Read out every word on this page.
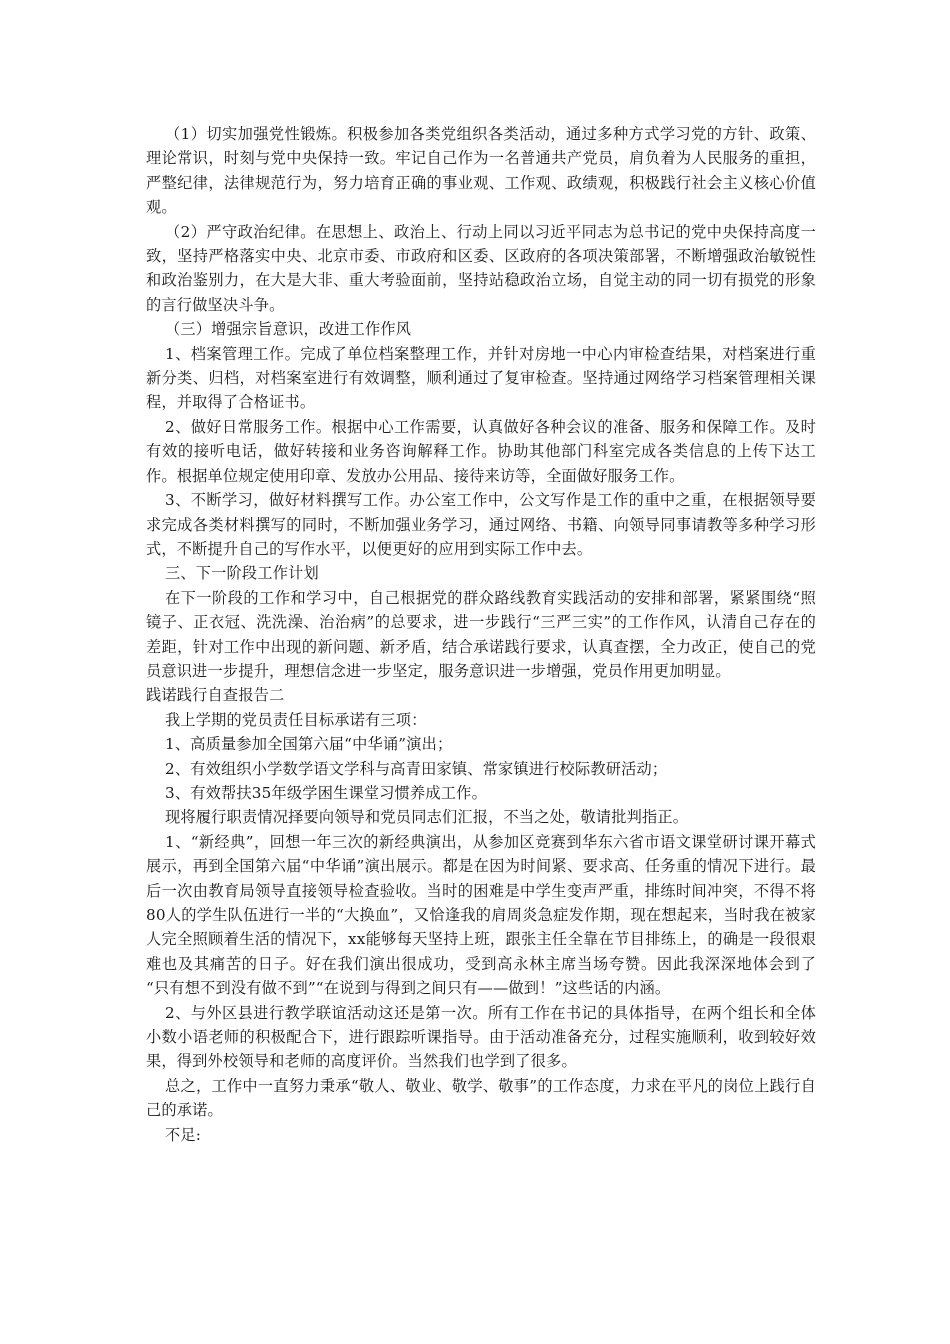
（1）切实加强党性锻炼。积极参加各类党组织各类活动，通过多种方式学习党的方针、政策、理论常识，时刻与党中央保持一致。牢记自己作为一名普通共产党员，肩负着为人民服务的重担，严整纪律，法律规范行为，努力培育正确的事业观、工作观、政绩观，积极践行社会主义核心价值观。

（2）严守政治纪律。在思想上、政治上、行动上同以习近平同志为总书记的党中央保持高度一致，坚持严格落实中央、北京市委、市政府和区委、区政府的各项决策部署，不断增强政治敏锐性和政治鉴别力，在大是大非、重大考验面前，坚持站稳政治立场，自觉主动的同一切有损党的形象的言行做坚决斗争。

（三）增强宗旨意识，改进工作作风

1、档案管理工作。完成了单位档案整理工作，并针对房地一中心内审检查结果，对档案进行重新分类、归档，对档案室进行有效调整，顺利通过了复审检查。坚持通过网络学习档案管理相关课程，并取得了合格证书。

2、做好日常服务工作。根据中心工作需要，认真做好各种会议的准备、服务和保障工作。及时有效的接听电话，做好转接和业务咨询解释工作。协助其他部门科室完成各类信息的上传下达工作。根据单位规定使用印章、发放办公用品、接待来访等，全面做好服务工作。

3、不断学习，做好材料撰写工作。办公室工作中，公文写作是工作的重中之重，在根据领导要求完成各类材料撰写的同时，不断加强业务学习，通过网络、书籍、向领导同事请教等多种学习形式，不断提升自己的写作水平，以便更好的应用到实际工作中去。

三、下一阶段工作计划

在下一阶段的工作和学习中，自己根据党的群众路线教育实践活动的安排和部署，紧紧围绕“照镜子、正衣冠、洗洗澡、治治病”的总要求，进一步践行“三严三实”的工作作风，认清自己存在的差距，针对工作中出现的新问题、新矛盾，结合承诺践行要求，认真查摆，全力改正，使自己的党员意识进一步提升，理想信念进一步坚定，服务意识进一步增强，党员作用更加明显。

践诺践行自查报告二

我上学期的党员责任目标承诺有三项：

1、高质量参加全国第六届“中华诵”演出；

2、有效组织小学数学语文学科与高青田家镇、常家镇进行校际教研活动；

3、有效帮扶35年级学困生课堂习惯养成工作。

现将履行职责情况择要向领导和党员同志们汇报，不当之处，敬请批判指正。

1、“新经典”，回想一年三次的新经典演出，从参加区竞赛到华东六省市语文课堂研讨课开幕式展示，再到全国第六届“中华诵”演出展示。都是在因为时间紧、要求高、任务重的情况下进行。最后一次由教育局领导直接领导检查验收。当时的困难是中学生变声严重，排练时间冲突，不得不将80人的学生队伍进行一半的“大换血”，又恰逢我的肩周炎急症发作期，现在想起来，当时我在被家人完全照顾着生活的情况下，xx能够每天坚持上班，跟张主任全靠在节目排练上，的确是一段很艰难也及其痛苦的日子。好在我们演出很成功，受到高永林主席当场夸赞。因此我深深地体会到了 “只有想不到没有做不到”“在说到与得到之间只有——做到！”这些话的内涵。

2、与外区县进行教学联谊活动这还是第一次。所有工作在书记的具体指导，在两个组长和全体小数小语老师的积极配合下，进行跟踪听课指导。由于活动准备充分，过程实施顺利，收到较好效果，得到外校领导和老师的高度评价。当然我们也学到了很多。

总之，工作中一直努力秉承“敬人、敬业、敬学、敬事”的工作态度，力求在平凡的岗位上践行自己的承诺。

不足:
